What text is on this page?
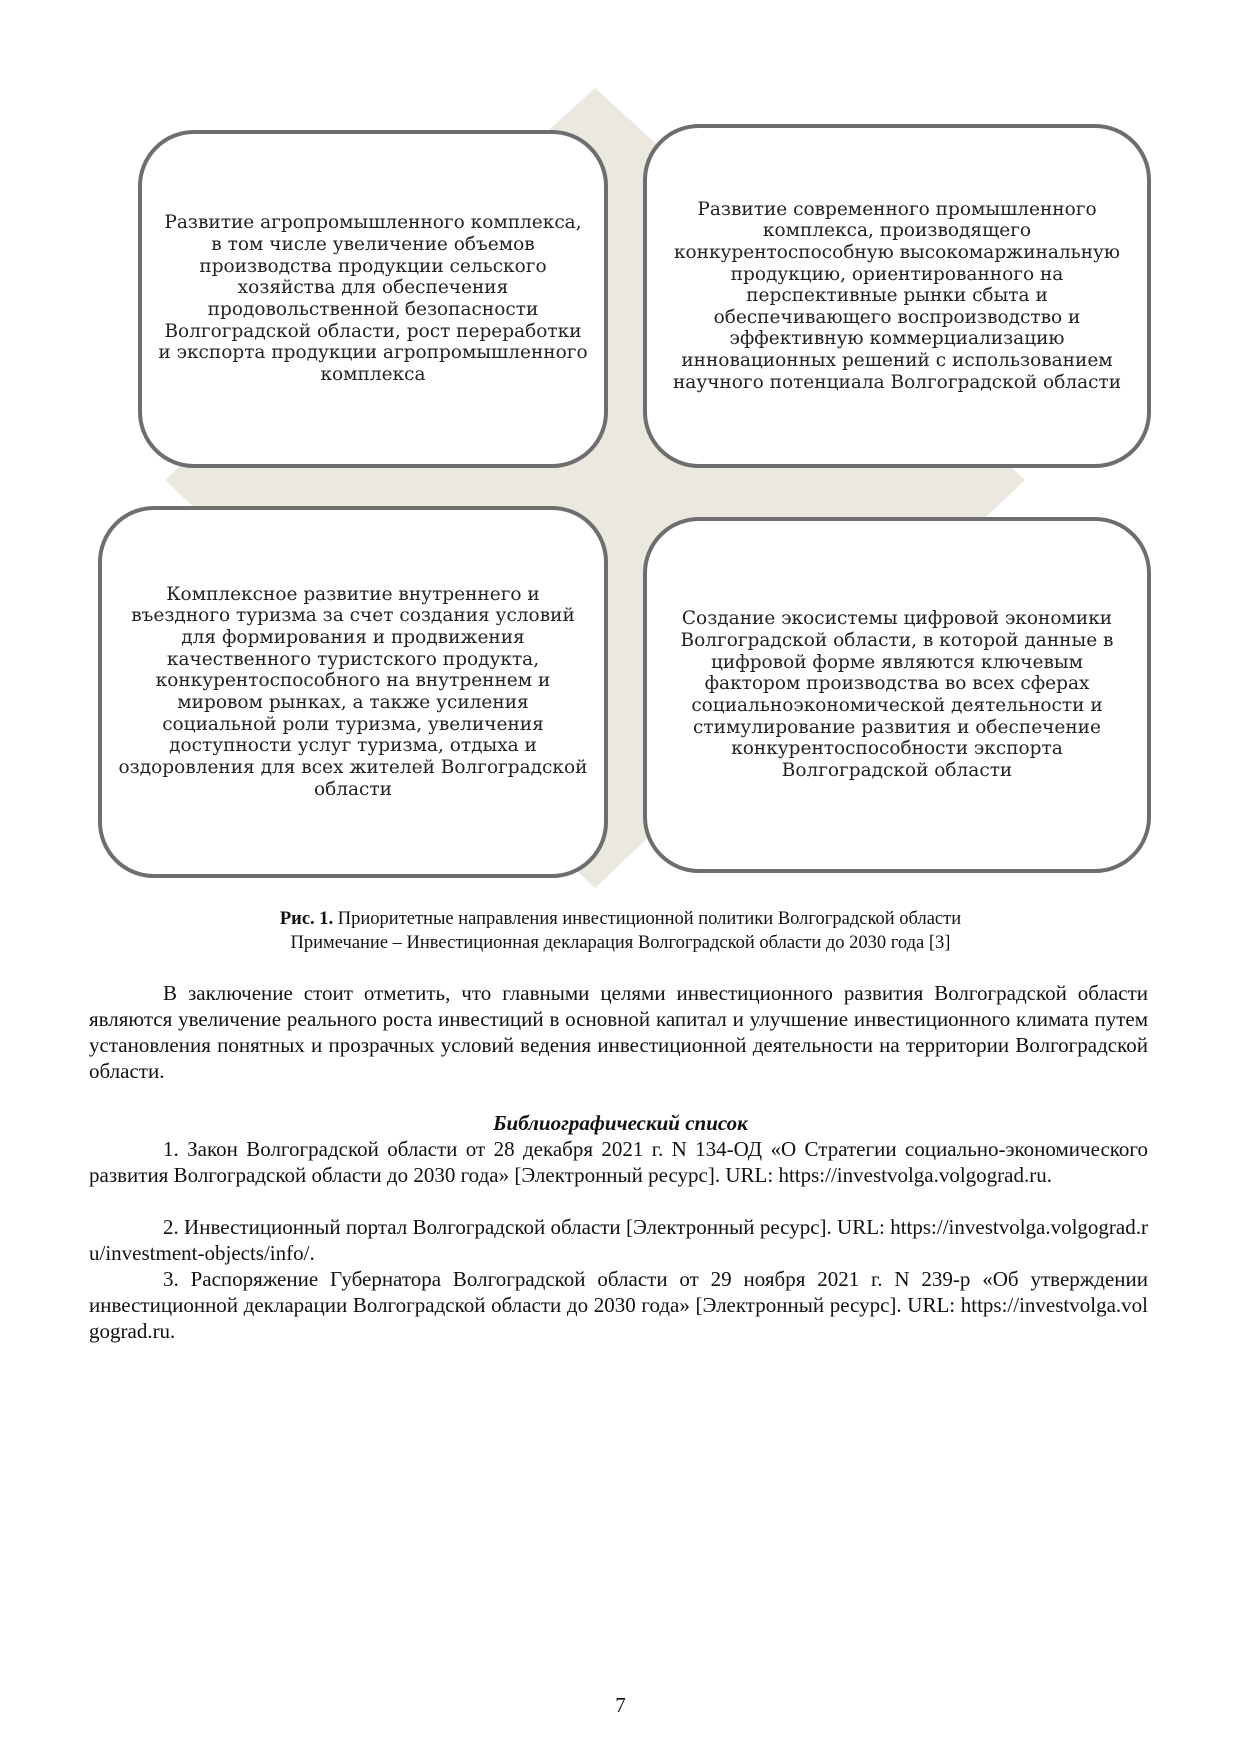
Развитие агропромышленного комплекса,
в том числе увеличение объемов
производства продукции сельского
хозяйства для обеспечения
продовольственной безопасности
Волгоградской области, рост переработки
и экспорта продукции агропромышленного
комплекса
Развитие современного промышленного
комплекса, производящего
конкурентоспособную высокомаржинальную
продукцию, ориентированного на
перспективные рынки сбыта и
обеспечивающего воспроизводство и
эффективную коммерциализацию
инновационных решений с использованием
научного потенциала Волгоградской области
Комплексное развитие внутреннего и
въездного туризма за счет создания условий
для формирования и продвижения
качественного туристского продукта,
конкурентоспособного на внутреннем и
мировом рынках, а также усиления
социальной роли туризма, увеличения
доступности услуг туризма, отдыха и
оздоровления для всех жителей Волгоградской
области
Создание экосистемы цифровой экономики
Волгоградской области, в которой данные в
цифровой форме являются ключевым
фактором производства во всех сферах
социальноэкономической деятельности и
стимулирование развития и обеспечение
конкурентоспособности экспорта
Волгоградской области
Рис. 1. Приоритетные направления инвестиционной политики Волгоградской области
Примечание – Инвестиционная декларация Волгоградской области до 2030 года [3]

В заключение стоит отметить, что главными целями инвестиционного развития Волгоградской области являются увеличение реального роста инвестиций в основной капитал и улучшение инвестиционного климата путем установления понятных и прозрачных условий ведения инвестиционной деятельности на территории Волгоградской области.

Библиографический список

1. Закон Волгоградской области от 28 декабря 2021 г. N 134-ОД «О Стратегии социально-экономического развития Волгоградской области до 2030 года» [Электронный ресурс]. URL: https://investvolga.volgograd.ru.

2. Инвестиционный портал Волгоградской области [Электронный ресурс]. URL: https://investvolga.volgograd.ru/investment-objects/info/.

3. Распоряжение Губернатора Волгоградской области от 29 ноября 2021 г. N 239-р «Об утверждении инвестиционной декларации Волгоградской области до 2030 года» [Электронный ресурс]. URL: https://investvolga.volgograd.ru.

7
